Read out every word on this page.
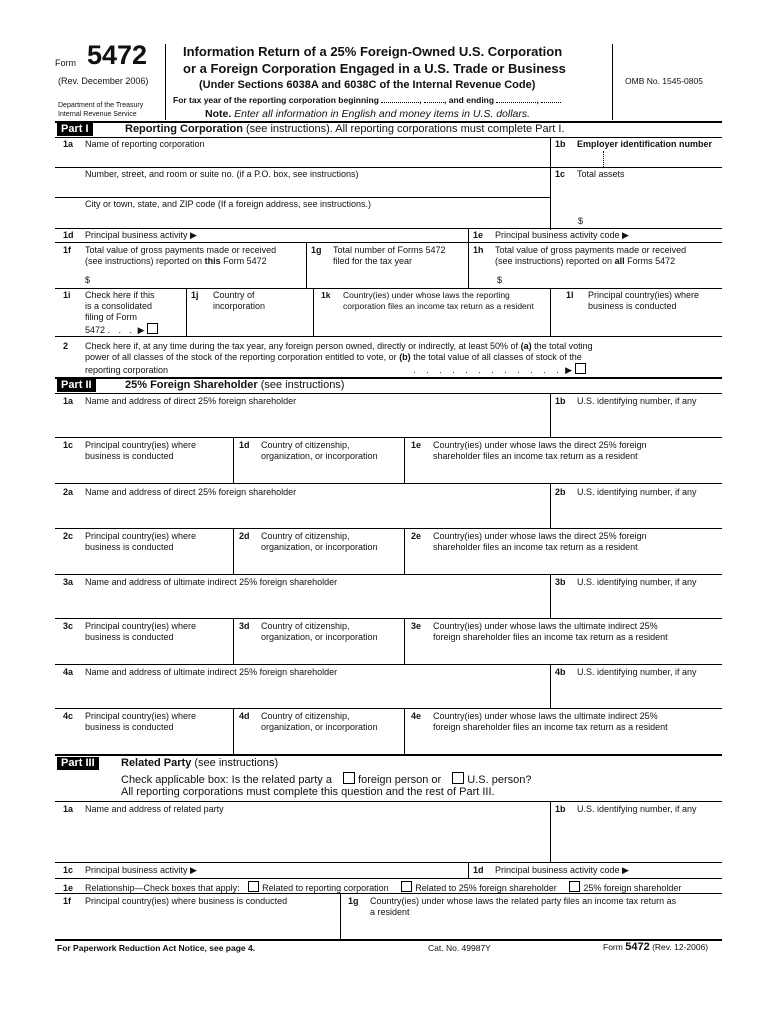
Form 5472
(Rev. December 2006)
Department of the Treasury
Internal Revenue Service
Information Return of a 25% Foreign-Owned U.S. Corporation
or a Foreign Corporation Engaged in a U.S. Trade or Business
(Under Sections 6038A and 6038C of the Internal Revenue Code)
For tax year of the reporting corporation beginning	, , and ending	,
Note. Enter all information in English and money items in U.S. dollars.
OMB No. 1545-0805
Part I	Reporting Corporation (see instructions). All reporting corporations must complete Part I.
1a Name of reporting corporation	1b Employer identification number
Number, street, and room or suite no. (if a P.O. box, see instructions)	1c Total assets
City or town, state, and ZIP code (If a foreign address, see instructions.)
$
1d Principal business activity ▶	1e Principal business activity code ▶
1f Total value of gross payments made or received
(see instructions) reported on this Form 5472
$
1g Total number of Forms 5472
filed for the tax year
1h Total value of gross payments made or received
(see instructions) reported on all Forms 5472
$
1i Check here if this
is a consolidated
filing of Form
5472 . . . ▶
1j Country of
incorporation
1k Country(ies) under whose laws the reporting
corporation files an income tax return as a resident
1l Principal country(ies) where
business is conducted
2 Check here if, at any time during the tax year, any foreign person owned, directly or indirectly, at least 50% of (a) the total voting
power of all classes of the stock of the reporting corporation entitled to vote, or (b) the total value of all classes of stock of the
reporting corporation	. . . . . . . . . . . . ▶
Part II	25% Foreign Shareholder (see instructions)
1a Name and address of direct 25% foreign shareholder	1b U.S. identifying number, if any
1c Principal country(ies) where
business is conducted
1d Country of citizenship,
organization, or incorporation
1e Country(ies) under whose laws the direct 25% foreign
shareholder files an income tax return as a resident
2a Name and address of direct 25% foreign shareholder	2b U.S. identifying number, if any
2c Principal country(ies) where
business is conducted
2d Country of citizenship,
organization, or incorporation
2e Country(ies) under whose laws the direct 25% foreign
shareholder files an income tax return as a resident
3a Name and address of ultimate indirect 25% foreign shareholder	3b U.S. identifying number, if any
3c Principal country(ies) where
business is conducted
3d Country of citizenship,
organization, or incorporation
3e Country(ies) under whose laws the ultimate indirect 25%
foreign shareholder files an income tax return as a resident
4a Name and address of ultimate indirect 25% foreign shareholder	4b U.S. identifying number, if any
4c Principal country(ies) where
business is conducted
4d Country of citizenship,
organization, or incorporation
4e Country(ies) under whose laws the ultimate indirect 25%
foreign shareholder files an income tax return as a resident
Part III	Related Party (see instructions)
Check applicable box: Is the related party a foreign person or U.S. person?
All reporting corporations must complete this question and the rest of Part III.
1a Name and address of related party	1b U.S. identifying number, if any
1c Principal business activity ▶	1d Principal business activity code ▶
1e Relationship—Check boxes that apply:	Related to reporting corporation	Related to 25% foreign shareholder	25% foreign shareholder
1f Principal country(ies) where business is conducted	1g Country(ies) under whose laws the related party files an income tax return as
a resident
For Paperwork Reduction Act Notice, see page 4.	Cat. No. 49987Y	Form 5472 (Rev. 12-2006)
